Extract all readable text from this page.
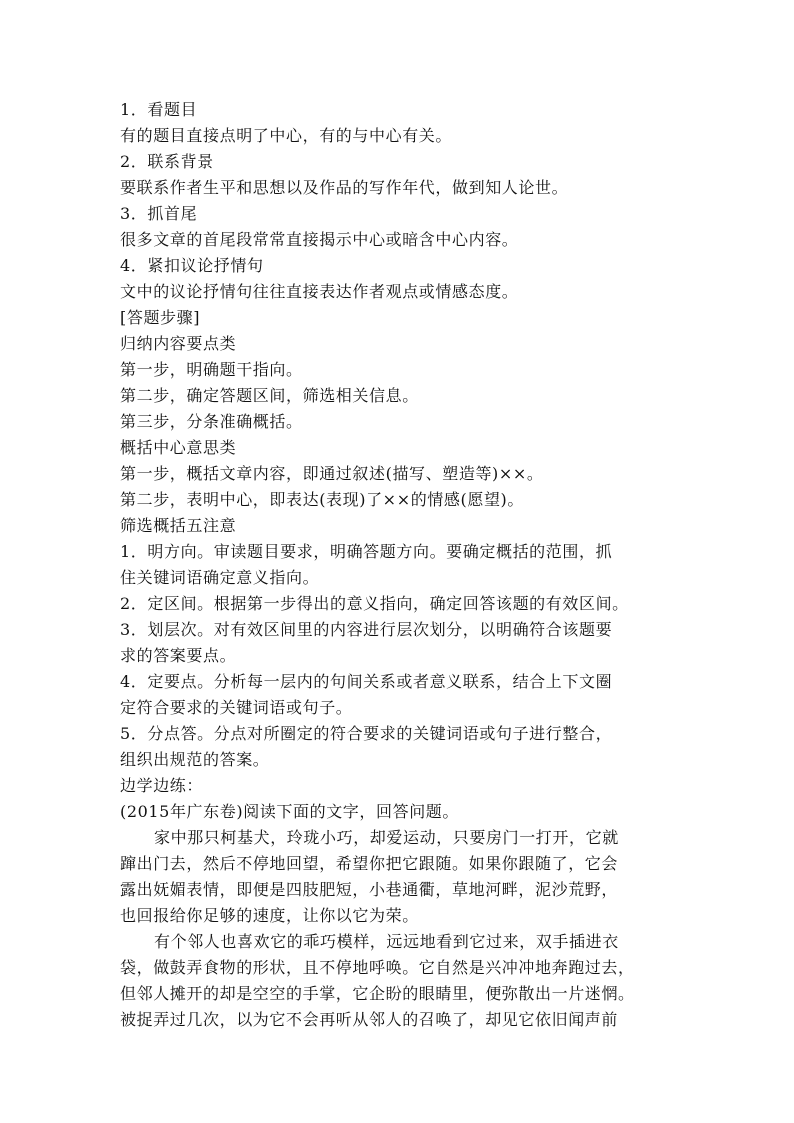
1．看题目
有的题目直接点明了中心，有的与中心有关。
2．联系背景
要联系作者生平和思想以及作品的写作年代，做到知人论世。
3．抓首尾
很多文章的首尾段常常直接揭示中心或暗含中心内容。
4．紧扣议论抒情句
文中的议论抒情句往往直接表达作者观点或情感态度。
[答题步骤]
归纳内容要点类
第一步，明确题干指向。
第二步，确定答题区间，筛选相关信息。
第三步，分条准确概括。
概括中心意思类
第一步，概括文章内容，即通过叙述(描写、塑造等)××。
第二步，表明中心，即表达(表现)了××的情感(愿望)。
筛选概括五注意
1．明方向。审读题目要求，明确答题方向。要确定概括的范围，抓
住关键词语确定意义指向。
2．定区间。根据第一步得出的意义指向，确定回答该题的有效区间。
3．划层次。对有效区间里的内容进行层次划分，以明确符合该题要
求的答案要点。
4．定要点。分析每一层内的句间关系或者意义联系，结合上下文圈
定符合要求的关键词语或句子。
5．分点答。分点对所圈定的符合要求的关键词语或句子进行整合，
组织出规范的答案。
边学边练：
(2015年广东卷)阅读下面的文字，回答问题。
家中那只柯基犬，玲珑小巧，却爱运动，只要房门一打开，它就
蹿出门去，然后不停地回望，希望你把它跟随。如果你跟随了，它会
露出妩媚表情，即便是四肢肥短，小巷通衢，草地河畔，泥沙荒野，
也回报给你足够的速度，让你以它为荣。
有个邻人也喜欢它的乖巧模样，远远地看到它过来，双手插进衣
袋，做鼓弄食物的形状，且不停地呼唤。它自然是兴冲冲地奔跑过去，
但邻人摊开的却是空空的手掌，它企盼的眼睛里，便弥散出一片迷惘。
被捉弄过几次，以为它不会再听从邻人的召唤了，却见它依旧闻声前
